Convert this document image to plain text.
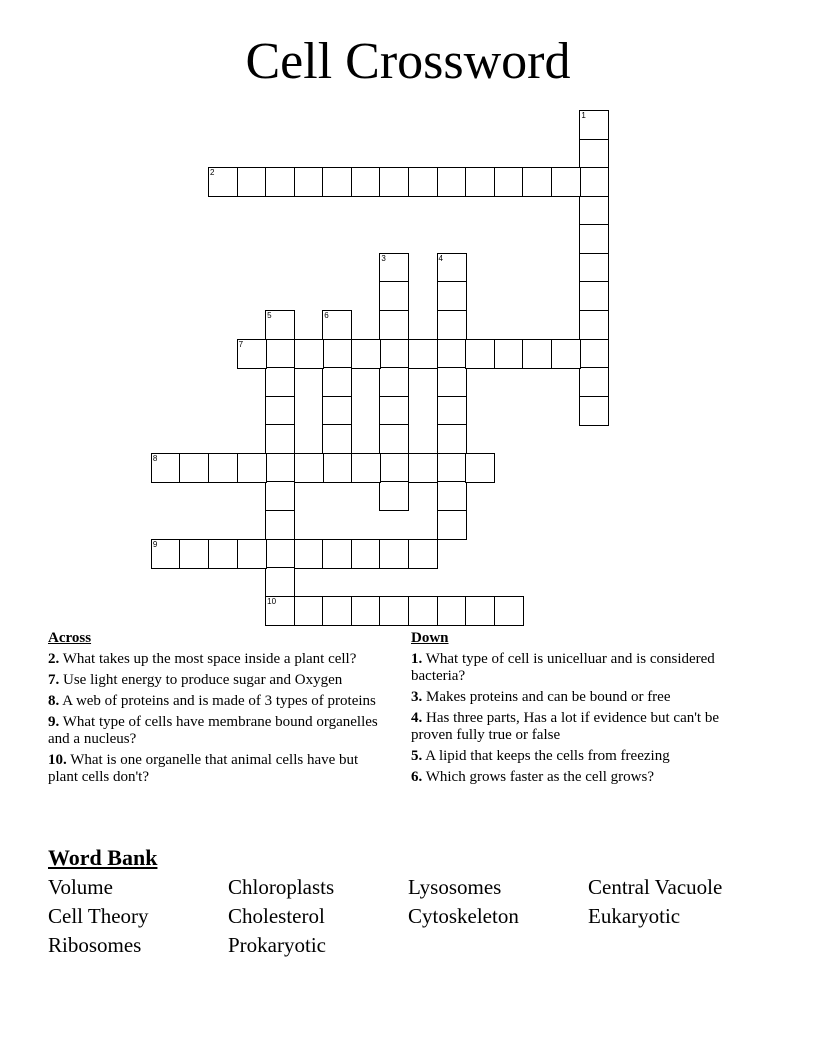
Cell Crossword
1
2
3	4
5
10
6
7
8
9
Across
2. What takes up the most space inside a plant cell?
7. Use light energy to produce sugar and Oxygen
8. A web of proteins and is made of 3 types of proteins
9. What type of cells have membrane bound organelles and a nucleus?
10. What is one organelle that animal cells have but plant cells don't?
Down
1. What type of cell is unicelluar and is considered bacteria?
3. Makes proteins and can be bound or free
4. Has three parts, Has a lot if evidence but can't be proven fully true or false
5. A lipid that keeps the cells from freezing
6. Which grows faster as the cell grows?
Word Bank
Volume	Chloroplasts	Lysosomes	Central Vacuole
Cell Theory	Cholesterol	Cytoskeleton	Eukaryotic
Ribosomes	Prokaryotic
